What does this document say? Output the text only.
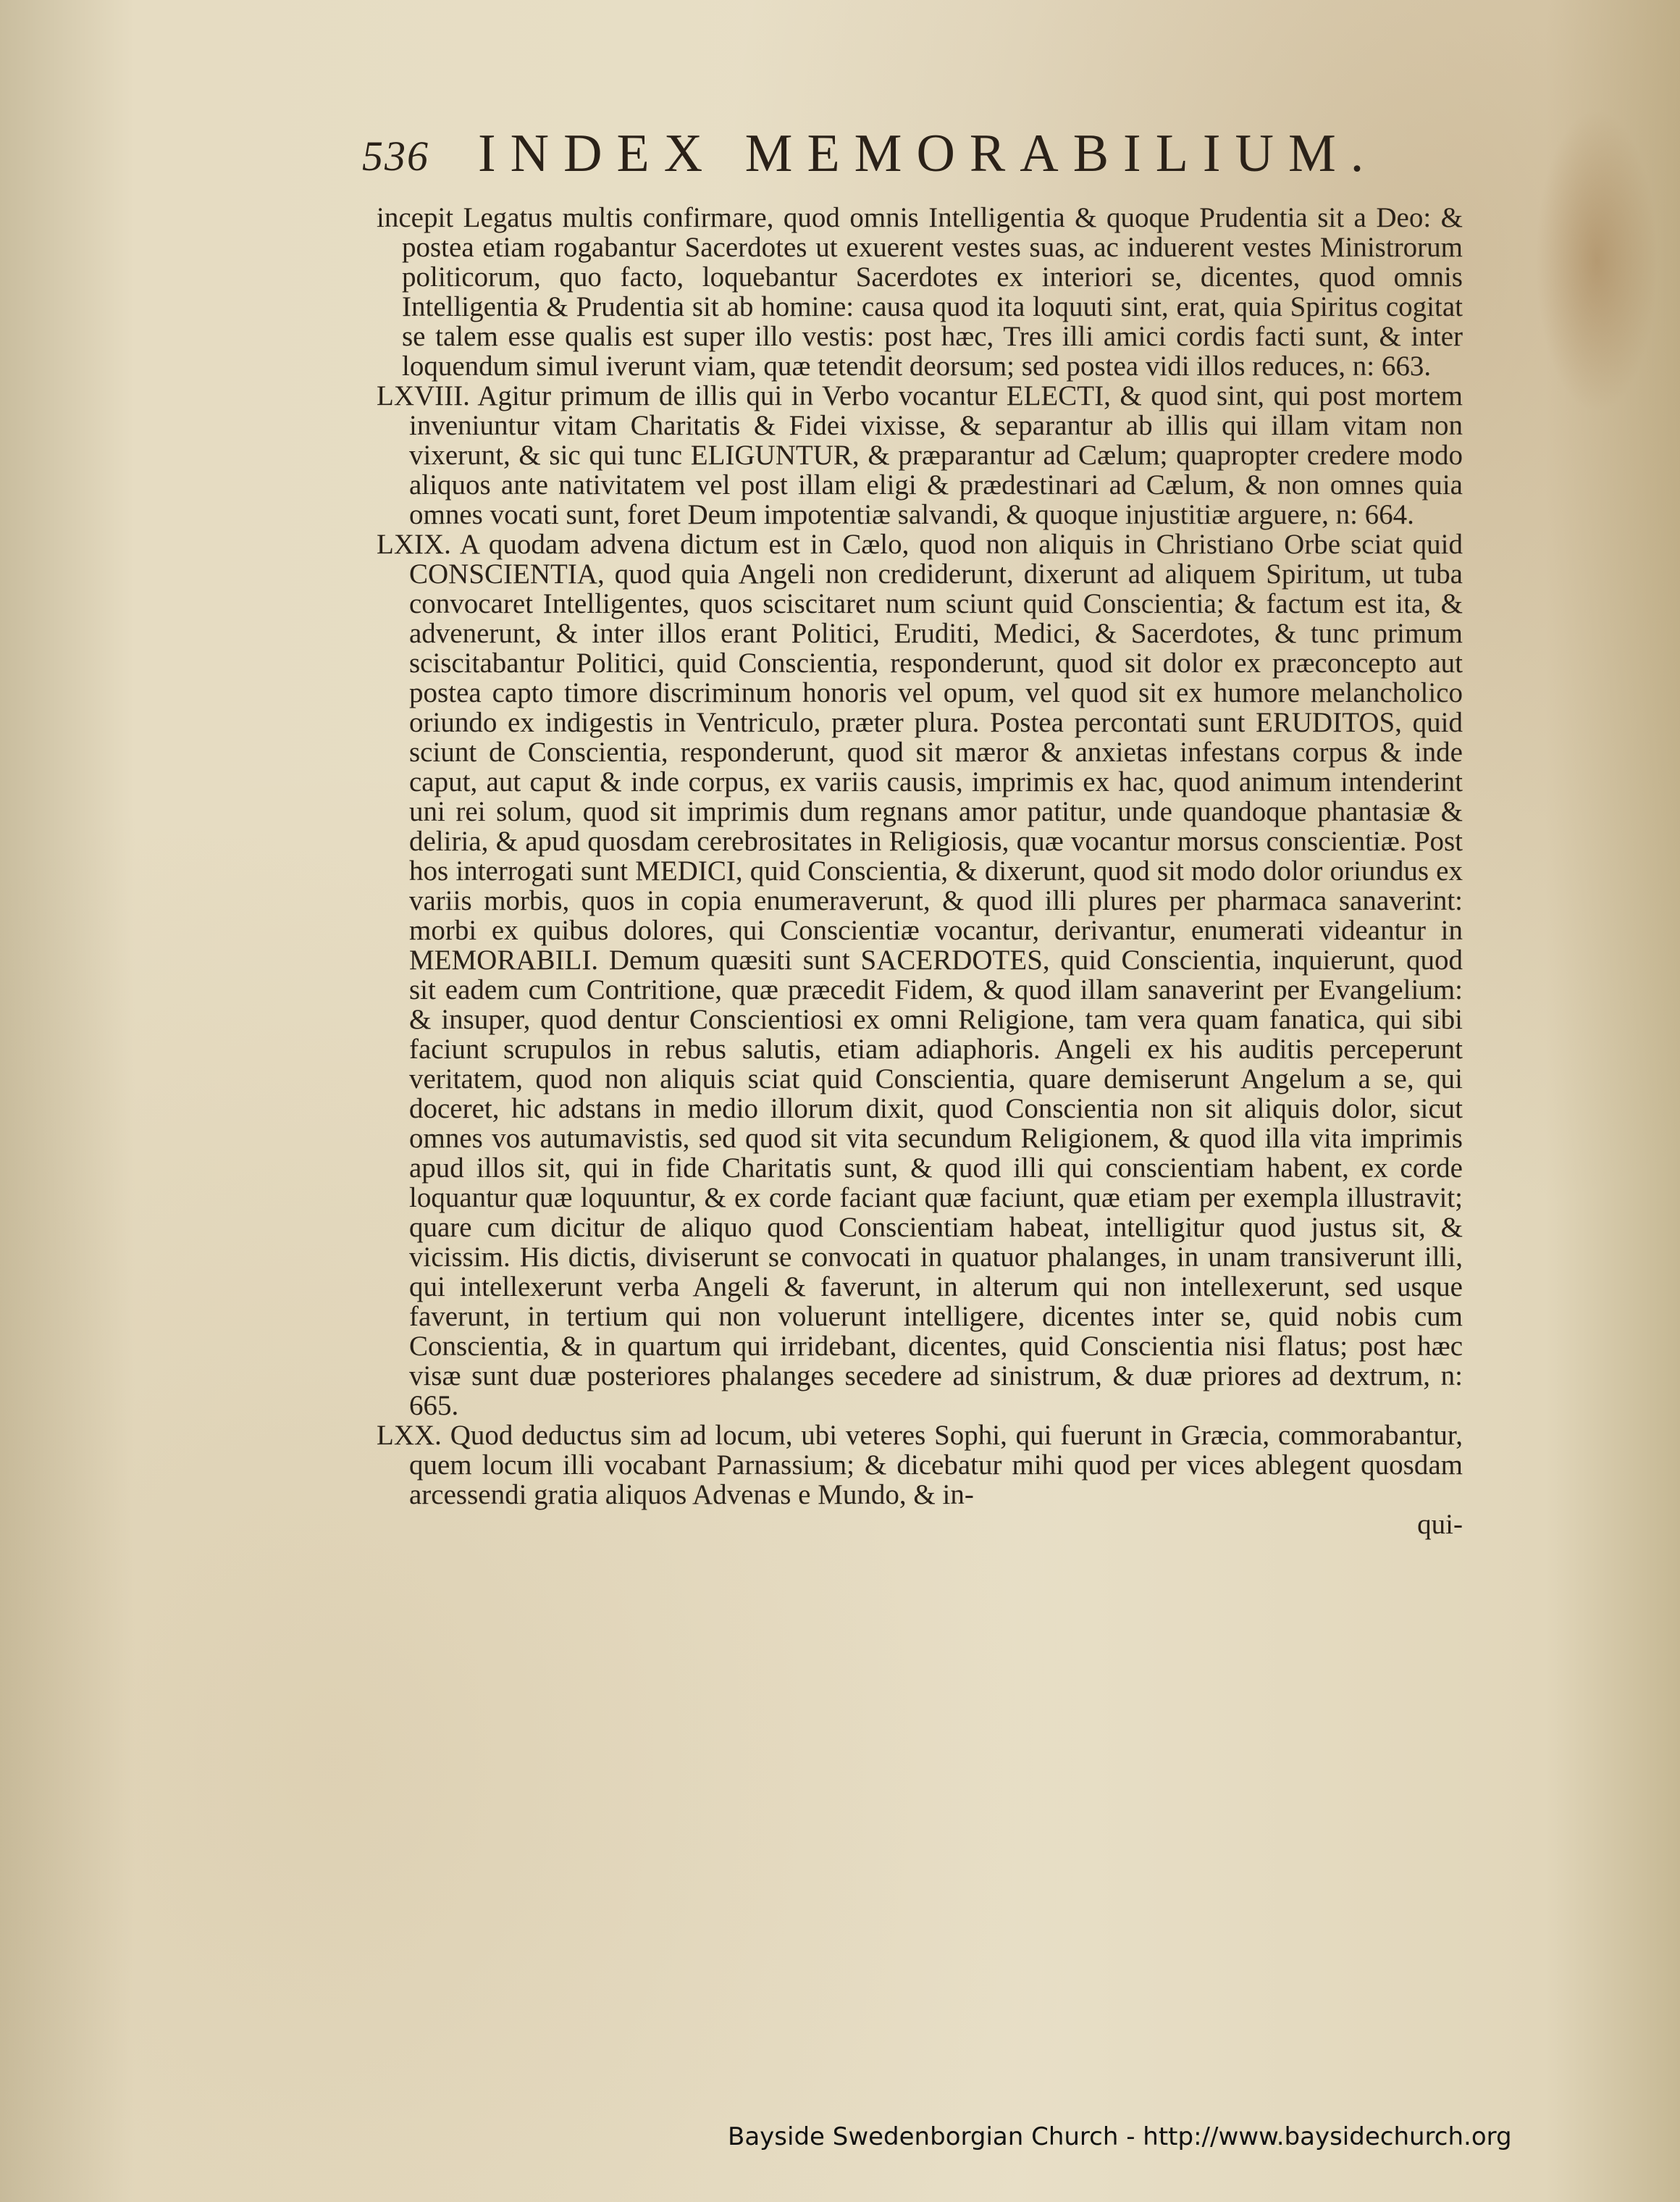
536 INDEX MEMORABILIUM.

incepit Legatus multis confirmare, quod omnis Intelligentia & quoque Prudentia sit a Deo: & postea etiam rogabantur Sacerdotes ut exuerent vestes suas, ac induerent vestes Ministrorum politicorum, quo facto, loquebantur Sacerdotes ex interiori se, dicentes, quod omnis Intelligentia & Prudentia sit ab homine: causa quod ita loquuti sint, erat, quia Spiritus cogitat se talem esse qualis est super illo vestis: post hæc, Tres illi amici cordis facti sunt, & inter loquendum simul iverunt viam, quæ tetendit deorsum; sed postea vidi illos reduces, n: 663.

LXVIII. Agitur primum de illis qui in Verbo vocantur ELECTI, & quod sint, qui post mortem inveniuntur vitam Charitatis & Fidei vixisse, & separantur ab illis qui illam vitam non vixerunt, & sic qui tunc ELIGUNTUR, & præparantur ad Cælum; quapropter credere modo aliquos ante nativitatem vel post illam eligi & prædestinari ad Cælum, & non omnes quia omnes vocati sunt, foret Deum impotentiæ salvandi, & quoque injustitiæ arguere, n: 664.

LXIX. A quodam advena dictum est in Cælo, quod non aliquis in Christiano Orbe sciat quid CONSCIENTIA, quod quia Angeli non crediderunt, dixerunt ad aliquem Spiritum, ut tuba convocaret Intelligentes, quos sciscitaret num sciunt quid Conscientia; & factum est ita, & advenerunt, & inter illos erant Politici, Eruditi, Medici, & Sacerdotes, & tunc primum sciscitabantur Politici, quid Conscientia, responderunt, quod sit dolor ex præconcepto aut postea capto timore discriminum honoris vel opum, vel quod sit ex humore melancholico oriundo ex indigestis in Ventriculo, præter plura. Postea percontati sunt ERUDITOS, quid sciunt de Conscientia, responderunt, quod sit mæror & anxietas infestans corpus & inde caput, aut caput & inde corpus, ex variis causis, imprimis ex hac, quod animum intenderint uni rei solum, quod sit imprimis dum regnans amor patitur, unde quandoque phantasiæ & deliria, & apud quosdam cerebrositates in Religiosis, quæ vocantur morsus conscientiæ. Post hos interrogati sunt MEDICI, quid Conscientia, & dixerunt, quod sit modo dolor oriundus ex variis morbis, quos in copia enumeraverunt, & quod illi plures per pharmaca sanaverint: morbi ex quibus dolores, qui Conscientiæ vocantur, derivantur, enumerati videantur in MEMORABILI. Demum quæsiti sunt SACERDOTES, quid Conscientia, inquierunt, quod sit eadem cum Contritione, quæ præcedit Fidem, & quod illam sanaverint per Evangelium: & insuper, quod dentur Conscientiosi ex omni Religione, tam vera quam fanatica, qui sibi faciunt scrupulos in rebus salutis, etiam adiaphoris. Angeli ex his auditis perceperunt veritatem, quod non aliquis sciat quid Conscientia, quare demiserunt Angelum a se, qui doceret, hic adstans in medio illorum dixit, quod Conscientia non sit aliquis dolor, sicut omnes vos autumavistis, sed quod sit vita secundum Religionem, & quod illa vita imprimis apud illos sit, qui in fide Charitatis sunt, & quod illi qui conscientiam habent, ex corde loquantur quæ loquuntur, & ex corde faciant quæ faciunt, quæ etiam per exempla illustravit; quare cum dicitur de aliquo quod Conscientiam habeat, intelligitur quod justus sit, & vicissim. His dictis, diviserunt se convocati in quatuor phalanges, in unam transiverunt illi, qui intellexerunt verba Angeli & faverunt, in alterum qui non intellexerunt, sed usque faverunt, in tertium qui non voluerunt intelligere, dicentes inter se, quid nobis cum Conscientia, & in quartum qui irridebant, dicentes, quid Conscientia nisi flatus; post hæc visæ sunt duæ posteriores phalanges secedere ad sinistrum, & duæ priores ad dextrum, n: 665.

LXX. Quod deductus sim ad locum, ubi veteres Sophi, qui fuerunt in Græcia, commorabantur, quem locum illi vocabant Parnassium; & dicebatur mihi quod per vices ablegent quosdam arcessendi gratia aliquos Advenas e Mundo, & in-

qui-

Bayside Swedenborgian Church - http://www.baysidechurch.org
